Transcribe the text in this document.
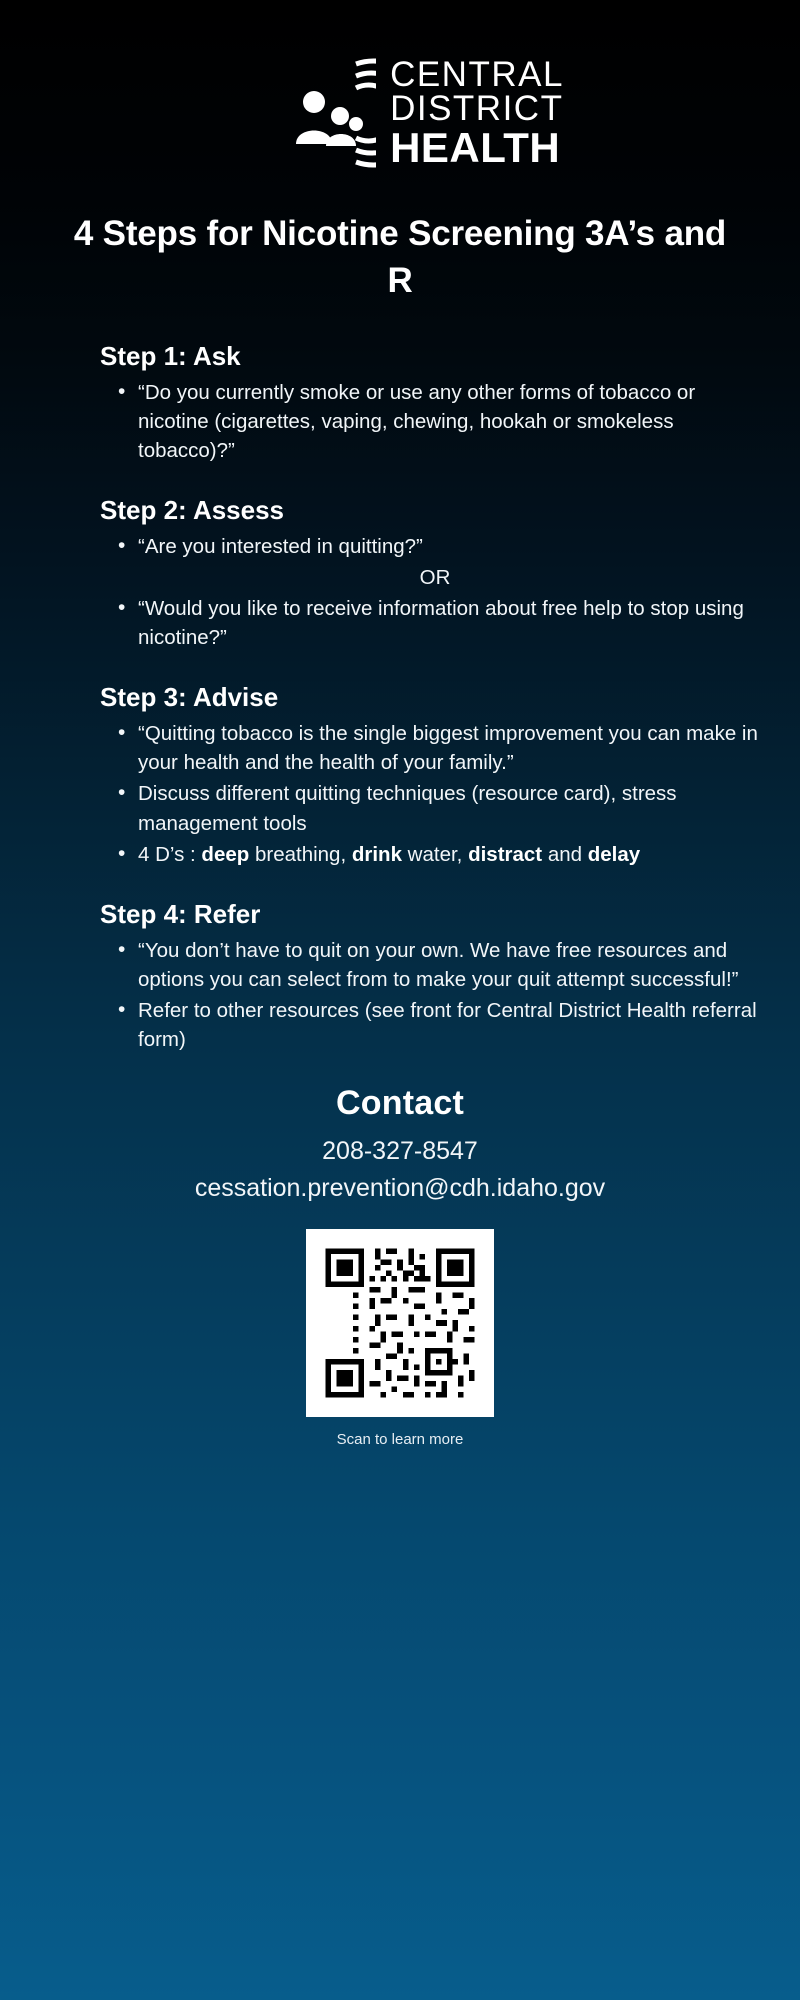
CENTRAL
DISTRICT
HEALTH
4 Steps for Nicotine Screening 3A’s and R
Step 1: Ask
• “Do you currently smoke or use any other forms of tobacco or nicotine (cigarettes, vaping, chewing, hookah or smokeless tobacco)?”
Step 2: Assess
• “Are you interested in quitting?”
OR
• “Would you like to receive information about free help to stop using nicotine?”
Step 3: Advise
• “Quitting tobacco is the single biggest improvement you can make in your health and the health of your family.”
• Discuss different quitting techniques (resource card), stress management tools
• 4 D’s : deep breathing, drink water, distract and delay
Step 4: Refer
• “You don’t have to quit on your own. We have free resources and options you can select from to make your quit attempt successful!”
• Refer to other resources (see front for Central District Health referral form)
Contact
208-327-8547
cessation.prevention@cdh.idaho.gov
Scan to learn more
